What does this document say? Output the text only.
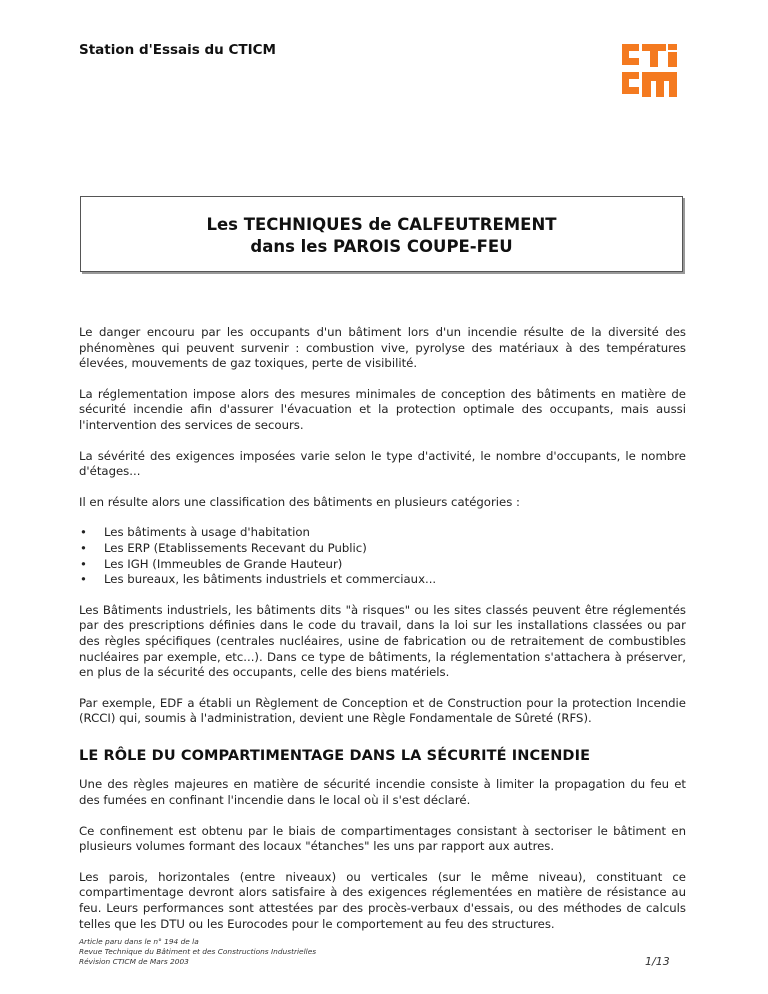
Station d'Essais du CTICM
Les TECHNIQUES de CALFEUTREMENT
dans les PAROIS COUPE-FEU

Le danger encouru par les occupants d'un bâtiment lors d'un incendie résulte de la diversité des phénomènes qui peuvent survenir : combustion vive, pyrolyse des matériaux à des températures élevées, mouvements de gaz toxiques, perte de visibilité.

La réglementation impose alors des mesures minimales de conception des bâtiments en matière de sécurité incendie afin d'assurer l'évacuation et la protection optimale des occupants, mais aussi l'intervention des services de secours.

La sévérité des exigences imposées varie selon le type d'activité, le nombre d'occupants, le nombre d'étages...

Il en résulte alors une classification des bâtiments en plusieurs catégories :

• Les bâtiments à usage d'habitation
• Les ERP (Etablissements Recevant du Public)
• Les IGH (Immeubles de Grande Hauteur)
• Les bureaux, les bâtiments industriels et commerciaux...

Les Bâtiments industriels, les bâtiments dits "à risques" ou les sites classés peuvent être réglementés par des prescriptions définies dans le code du travail, dans la loi sur les installations classées ou par des règles spécifiques (centrales nucléaires, usine de fabrication ou de retraitement de combustibles nucléaires par exemple, etc...). Dans ce type de bâtiments, la réglementation s'attachera à préserver, en plus de la sécurité des occupants, celle des biens matériels.

Par exemple, EDF a établi un Règlement de Conception et de Construction pour la protection Incendie (RCCI) qui, soumis à l'administration, devient une Règle Fondamentale de Sûreté (RFS).

LE RÔLE DU COMPARTIMENTAGE DANS LA SÉCURITÉ INCENDIE

Une des règles majeures en matière de sécurité incendie consiste à limiter la propagation du feu et des fumées en confinant l'incendie dans le local où il s'est déclaré.

Ce confinement est obtenu par le biais de compartimentages consistant à sectoriser le bâtiment en plusieurs volumes formant des locaux "étanches" les uns par rapport aux autres.

Les parois, horizontales (entre niveaux) ou verticales (sur le même niveau), constituant ce compartimentage devront alors satisfaire à des exigences réglementées en matière de résistance au feu. Leurs performances sont attestées par des procès-verbaux d'essais, ou des méthodes de calculs telles que les DTU ou les Eurocodes pour le comportement au feu des structures.

Article paru dans le n° 194 de la
Revue Technique du Bâtiment et des Constructions Industrielles
Révision CTICM de Mars 2003	1/13
